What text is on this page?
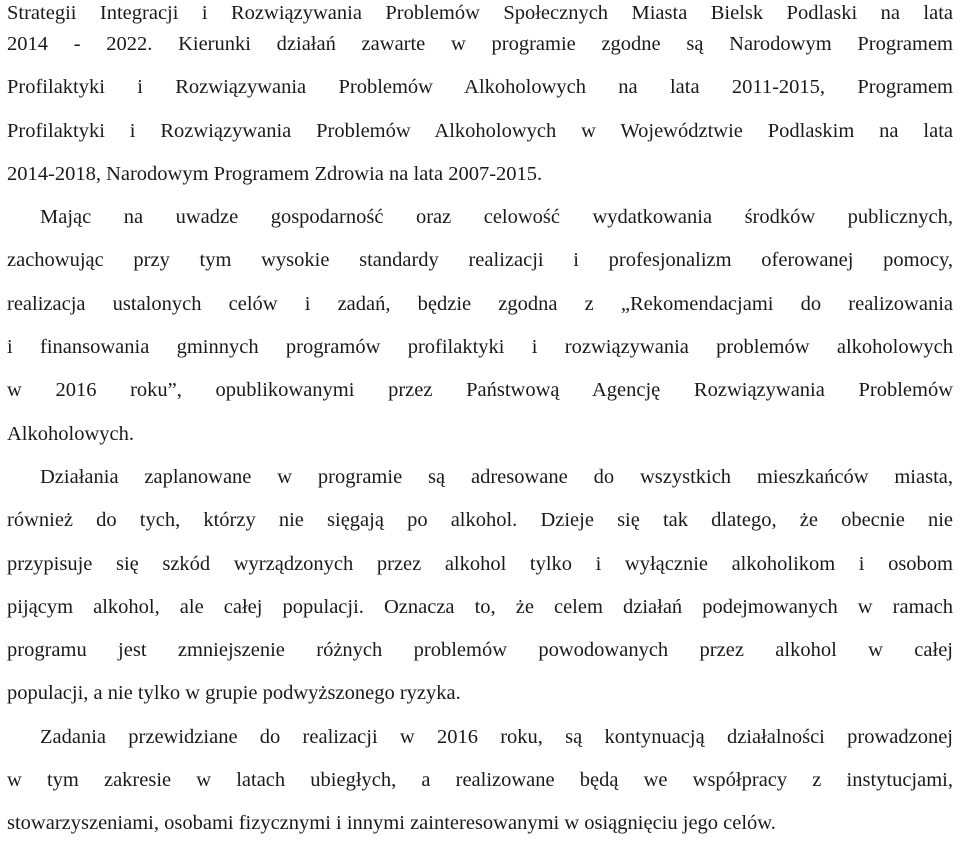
Strategii Integracji i Rozwiązywania Problemów Społecznych Miasta Bielsk Podlaski na lata
2014 - 2022. Kierunki działań zawarte w programie zgodne są Narodowym Programem
Profilaktyki i Rozwiązywania Problemów Alkoholowych na lata 2011-2015, Programem
Profilaktyki i Rozwiązywania Problemów Alkoholowych w Województwie Podlaskim na lata
2014-2018, Narodowym Programem Zdrowia na lata 2007-2015.
Mając na uwadze gospodarność oraz celowość wydatkowania środków publicznych,
zachowując przy tym wysokie standardy realizacji i profesjonalizm oferowanej pomocy,
realizacja ustalonych celów i zadań, będzie zgodna z „Rekomendacjami do realizowania
i finansowania gminnych programów profilaktyki i rozwiązywania problemów alkoholowych
w 2016 roku”, opublikowanymi przez Państwową Agencję Rozwiązywania Problemów
Alkoholowych.
Działania zaplanowane w programie są adresowane do wszystkich mieszkańców miasta,
również do tych, którzy nie sięgają po alkohol. Dzieje się tak dlatego, że obecnie nie
przypisuje się szkód wyrządzonych przez alkohol tylko i wyłącznie alkoholikom i osobom
pijącym alkohol, ale całej populacji. Oznacza to, że celem działań podejmowanych w ramach
programu jest zmniejszenie różnych problemów powodowanych przez alkohol w całej
populacji, a nie tylko w grupie podwyższonego ryzyka.
Zadania przewidziane do realizacji w 2016 roku, są kontynuacją działalności prowadzonej
w tym zakresie w latach ubiegłych, a realizowane będą we współpracy z instytucjami,
stowarzyszeniami, osobami fizycznymi i innymi zainteresowanymi w osiągnięciu jego celów.
